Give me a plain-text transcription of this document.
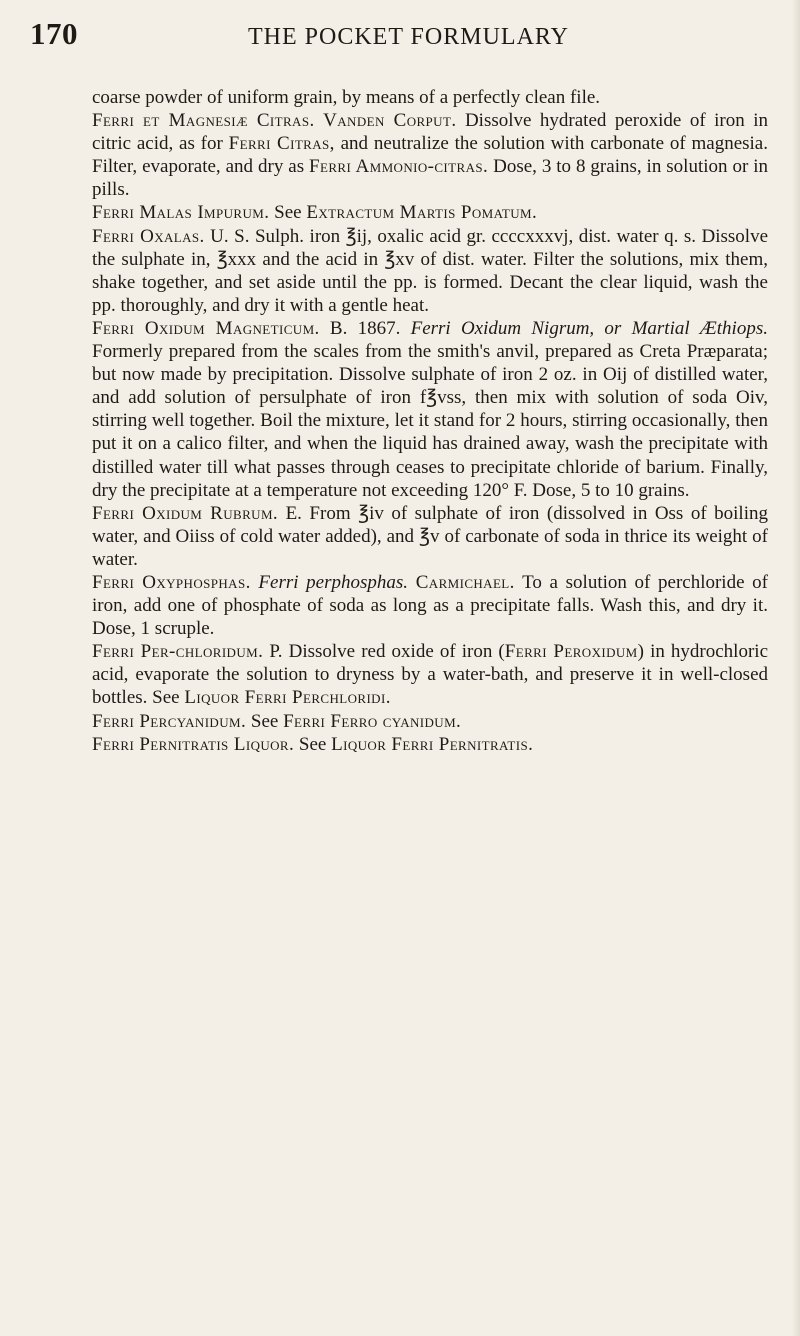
170	THE POCKET FORMULARY

coarse powder of uniform grain, by means of a perfectly clean file.

Ferri et Magnesiæ Citras. Vanden Corput. Dissolve hydrated peroxide of iron in citric acid, as for Ferri Citras, and neutralize the solution with carbonate of magnesia. Filter, evaporate, and dry as Ferri Ammonio-citras. Dose, 3 to 8 grains, in solution or in pills.

Ferri Malas Impurum. See Extractum Martis Pomatum.

Ferri Oxalas. U. S. Sulph. iron ℥ij, oxalic acid gr. ccccxxxvj, dist. water q. s. Dissolve the sulphate in, ℥xxx and the acid in ℥xv of dist. water. Filter the solutions, mix them, shake together, and set aside until the pp. is formed. Decant the clear liquid, wash the pp. thoroughly, and dry it with a gentle heat.

Ferri Oxidum Magneticum. B. 1867. Ferri Oxidum Nigrum, or Martial Æthiops. Formerly prepared from the scales from the smith's anvil, prepared as Creta Præparata; but now made by precipitation. Dissolve sulphate of iron 2 oz. in Oij of distilled water, and add solution of persulphate of iron f℥vss, then mix with solution of soda Oiv, stirring well together. Boil the mixture, let it stand for 2 hours, stirring occasionally, then put it on a calico filter, and when the liquid has drained away, wash the precipitate with distilled water till what passes through ceases to precipitate chloride of barium. Finally, dry the precipitate at a temperature not exceeding 120° F. Dose, 5 to 10 grains.

Ferri Oxidum Rubrum. E. From ℥iv of sulphate of iron (dissolved in Oss of boiling water, and Oiiss of cold water added), and ℥v of carbonate of soda in thrice its weight of water.

Ferri Oxyphosphas. Ferri perphosphas. Carmichael. To a solution of perchloride of iron, add one of phosphate of soda as long as a precipitate falls. Wash this, and dry it. Dose, 1 scruple.

Ferri Per-chloridum. P. Dissolve red oxide of iron (Ferri Peroxidum) in hydrochloric acid, evaporate the solution to dryness by a water-bath, and preserve it in well-closed bottles. See Liquor Ferri Perchloridi.

Ferri Percyanidum. See Ferri Ferro cyanidum.

Ferri Pernitratis Liquor. See Liquor Ferri Pernitratis.
